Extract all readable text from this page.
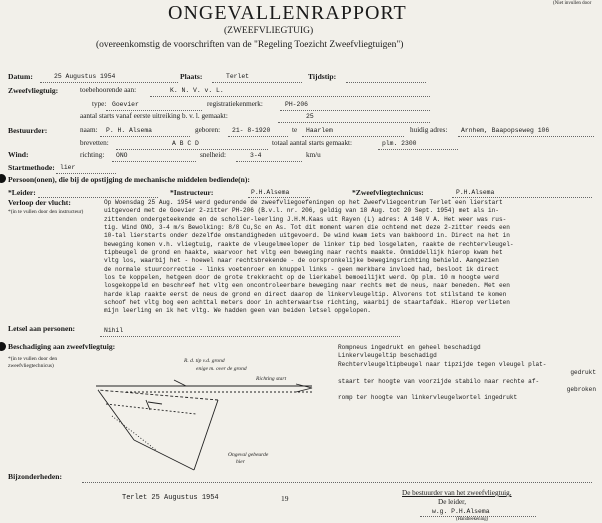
(Niet invullen door
ONGEVALLENRAPPORT
(ZWEEFVLIEGTUIG)
(overeenkomstig de voorschriften van de "Regeling Toezicht Zweefvliegtuigen")
Datum:	25 Augustus 1954	Plaats:	Terlet	Tijdstip:
Zweefvliegtuig:	toebehoorende aan:	K. N. V. v. L.
type: Goevier	registratiekenmerk:	PH-206
aantal starts vanaf eerste uitreiking b. v. l. gemaakt:	25
Bestuurder:	naam: P. H. Alsema	geboren: 21- 8-1920	te Haarlem	huidig adres: Arnhem, Baapopseweg 106
brevetten:	A B C D	totaal aantal starts gemaakt:	plm. 2300
Wind:	richting: ONO	snelheid:	3-4	km/u
Startmethode: lier
Persoon(onen), die bij de opstijging de mechanische middelen bediende(n):
*Leider:	*Instructeur:	P.H.Alsema	*Zweefvliegtechnicus:	P.H.Alsema
Verloop der vlucht:
*(in te vullen door den instructeur)
Op Woensdag 25 Aug. 1954 werd gedurende de zweefvliegoefeningen op het Zweefvliegcentrum Terlet een lierstart
uitgevoerd met de Goevier 2-zitter PH-206 (B.v.l. nr. 206, geldig van 18 Aug. tot 20 Sept. 1954) met als in-
zittenden ondergeteekende en de scholier-leerling J.H.M.Kaas uit Rayen (L) adres: A 148 V A. Het weer was rus-
tig. Wind ONO, 3-4 m/s Bewolking: 8/8 Cu,Sc en As. Tot dit moment waren die ochtend met deze 2-zitter reeds een
10-tal lierstarts onder dezelfde omstandigheden uitgevoerd. De wind kwam iets van bakboord in. Direct na het in
beweging komen v.h. vliegtuig, raakte de vleugelmeeloper de linker tip bed losgelaten, raakte de rechtervleugel-
tipbeugel de grond en haakte, waarvoor het vltg een beweging naar rechts maakte. Onmiddellijk hierop kwam het
vltg los, waarbij het - hoewel naar rechtsbrekende - de oorspronkelijke bewegingsrichting behield. Aangezien
de normale stuurcorrectie - links voetenroer en knuppel links - geen merkbare invloed had, besloot ik direct
los te koppelen, hetgeen door de grote trekkracht op de lierkabel bemoeilijkt werd. Op plm. 10 m hoogte werd
losgekoppeld en beschreef het vltg een oncontroleerbare beweging naar rechts met de neus, naar beneden. Met een
harde klap raakte eerst de neus de grond en direct daarop de linkervleugeltip. Alvorens tot stilstand te komen
schoof het vltg bog een achttal meters door in achterwaartse richting, waarbij de staartafdak. Hierop verlieten
mijn leerling en ik het vltg. We hadden geen van beiden letsel opgelopen.
Letsel aan personen:	Nihil
Beschadiging aan zweefvliegtuig:
*(in te vullen door den zweefvliegtechnicus)
R. d. tip v.d. grond
enige m. over de grond
Richting start
Ongeval gebeurde
hier
Rompneus ingedrukt en geheel beschadigd
Linkervleugeltip beschadigd
Rechtervleugeltipbeugel naar tipzijde tegen vleugel plat-
gedrukt
staart ter hoogte van voorzijde stabilo naar rechte af-
gebroken
romp ter hoogte van linkervleugelwortel ingedrukt
Bijzonderheden:
Terlet 25 Augustus 1954	19
De bestuurder van het zweefvliegtuig,
De leider,
w.g. P.H.Alsema
(Handteekening)
